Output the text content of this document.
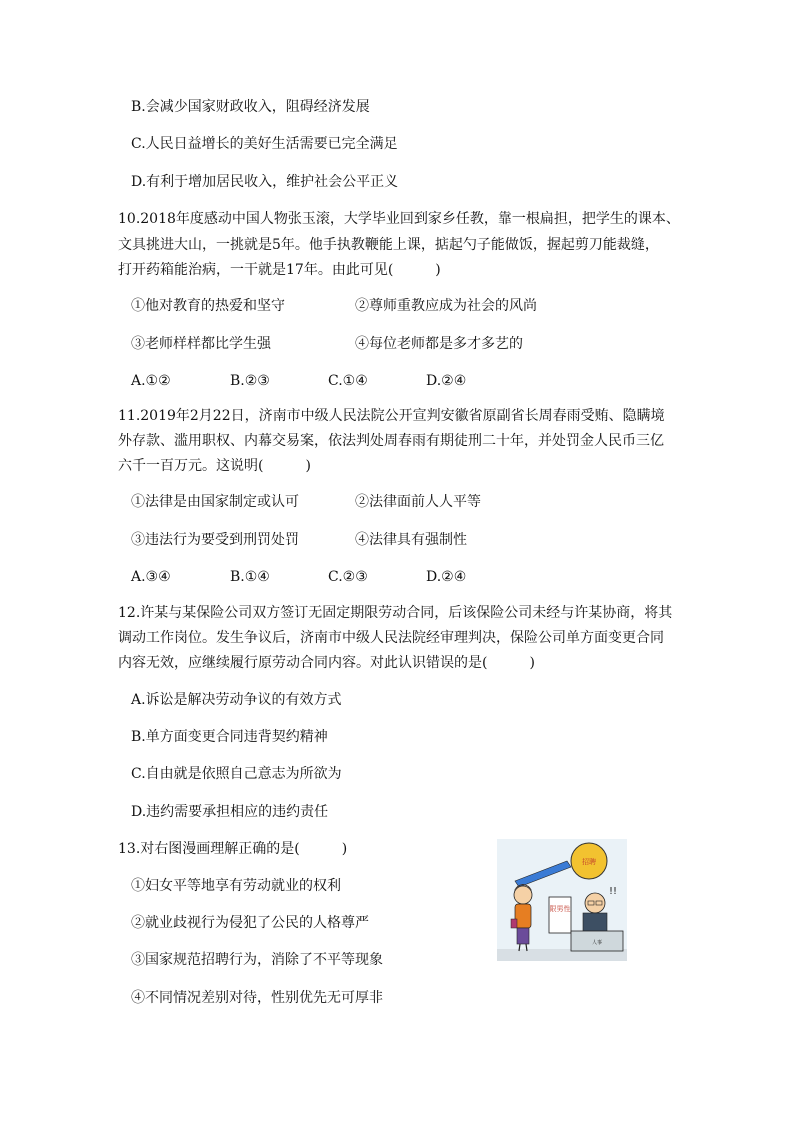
B.会减少国家财政收入，阻碍经济发展
C.人民日益增长的美好生活需要已完全满足
D.有利于增加居民收入，维护社会公平正义
10.2018年度感动中国人物张玉滚，大学毕业回到家乡任教，靠一根扁担，把学生的课本、
文具挑进大山，一挑就是5年。他手执教鞭能上课，掂起勺子能做饭，握起剪刀能裁缝，
打开药箱能治病，一干就是17年。由此可见(　　　)
①他对教育的热爱和坚守	②尊师重教应成为社会的风尚
③老师样样都比学生强	④每位老师都是多才多艺的
A.①②	B.②③	C.①④	D.②④
11.2019年2月22日，济南市中级人民法院公开宣判安徽省原副省长周春雨受贿、隐瞒境
外存款、滥用职权、内幕交易案，依法判处周春雨有期徒刑二十年，并处罚金人民币三亿
六千一百万元。这说明(　　　)
①法律是由国家制定或认可	②法律面前人人平等
③违法行为要受到刑罚处罚	④法律具有强制性
A.③④	B.①④	C.②③	D.②④
12.许某与某保险公司双方签订无固定期限劳动合同，后该保险公司未经与许某协商，将其
调动工作岗位。发生争议后，济南市中级人民法院经审理判决，保险公司单方面变更合同
内容无效，应继续履行原劳动合同内容。对此认识错误的是(　　　)
A.诉讼是解决劳动争议的有效方式
B.单方面变更合同违背契约精神
C.自由就是依照自己意志为所欲为
D.违约需要承担相应的违约责任
13.对右图漫画理解正确的是(　　　)
①妇女平等地享有劳动就业的权利
②就业歧视行为侵犯了公民的人格尊严
③国家规范招聘行为，消除了不平等现象
④不同情况差别对待，性别优先无可厚非
招聘
限男性
!!
人事
